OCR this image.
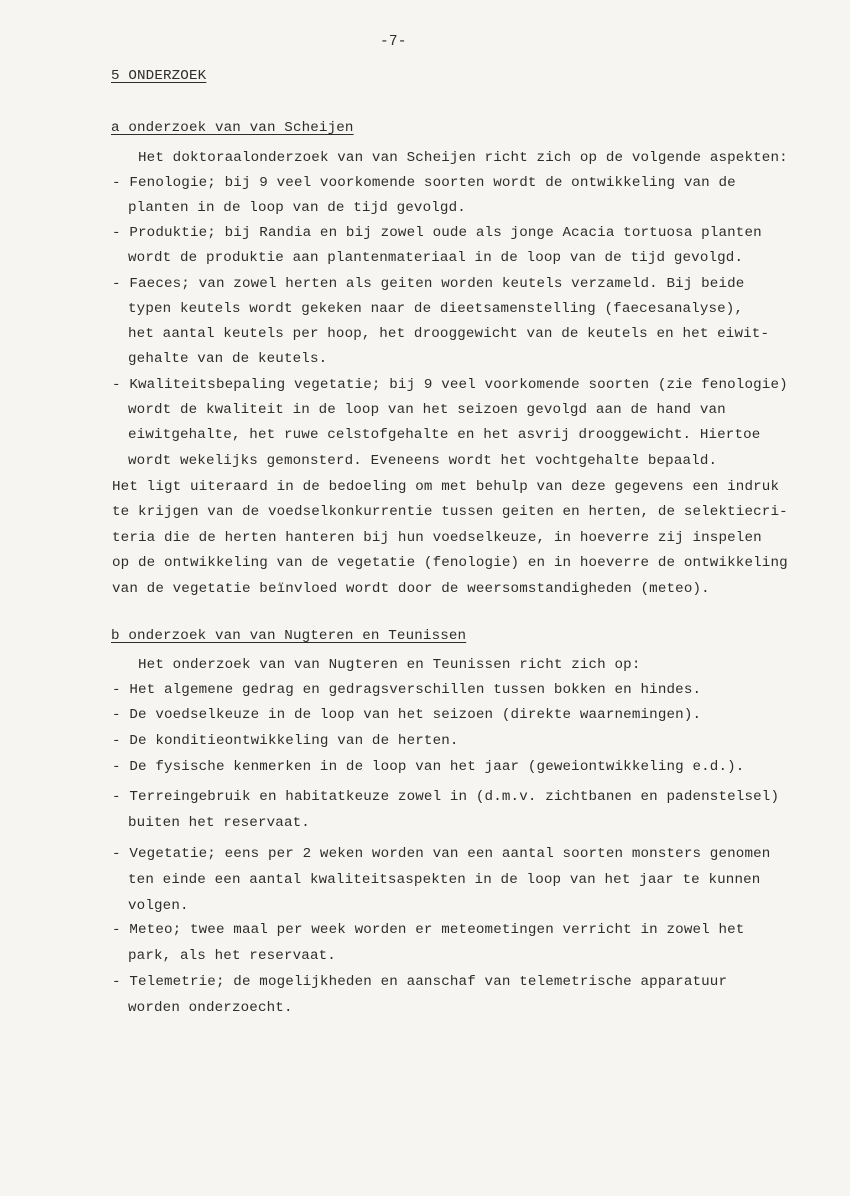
-7-
5 ONDERZOEK
a onderzoek van van Scheijen
Het doktoraalonderzoek van van Scheijen richt zich op de volgende aspekten:
- Fenologie; bij 9 veel voorkomende soorten wordt de ontwikkeling van de
planten in de loop van de tijd gevolgd.
- Produktie; bij Randia en bij zowel oude als jonge Acacia tortuosa planten
wordt de produktie aan plantenmateriaal in de loop van de tijd gevolgd.
- Faeces; van zowel herten als geiten worden keutels verzameld. Bij beide
typen keutels wordt gekeken naar de dieetsamenstelling (faecesanalyse),
het aantal keutels per hoop, het drooggewicht van de keutels en het eiwit-
gehalte van de keutels.
- Kwaliteitsbepaling vegetatie; bij 9 veel voorkomende soorten (zie fenologie)
wordt de kwaliteit in de loop van het seizoen gevolgd aan de hand van
eiwitgehalte, het ruwe celstofgehalte en het asvrij drooggewicht. Hiertoe
wordt wekelijks gemonsterd. Eveneens wordt het vochtgehalte bepaald.
Het ligt uiteraard in de bedoeling om met behulp van deze gegevens een indruk
te krijgen van de voedselkonkurrentie tussen geiten en herten, de selektiecri-
teria die de herten hanteren bij hun voedselkeuze, in hoeverre zij inspelen
op de ontwikkeling van de vegetatie (fenologie) en in hoeverre de ontwikkeling
van de vegetatie beïnvloed wordt door de weersomstandigheden (meteo).
b onderzoek van van Nugteren en Teunissen
Het onderzoek van van Nugteren en Teunissen richt zich op:
- Het algemene gedrag en gedragsverschillen tussen bokken en hindes.
- De voedselkeuze in de loop van het seizoen (direkte waarnemingen).
- De konditieontwikkeling van de herten.
- De fysische kenmerken in de loop van het jaar (geweiontwikkeling e.d.).
- Terreingebruik en habitatkeuze zowel in (d.m.v. zichtbanen en padenstelsel)
buiten het reservaat.
- Vegetatie; eens per 2 weken worden van een aantal soorten monsters genomen
ten einde een aantal kwaliteitsaspekten in de loop van het jaar te kunnen
volgen.
- Meteo; twee maal per week worden er meteometingen verricht in zowel het
park, als het reservaat.
- Telemetrie; de mogelijkheden en aanschaf van telemetrische apparatuur
worden onderzoecht.
